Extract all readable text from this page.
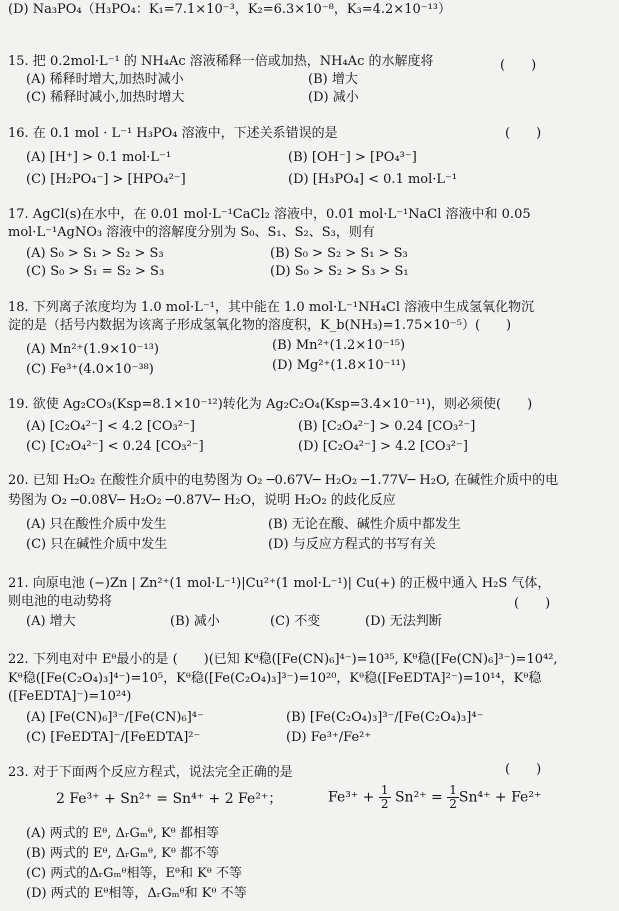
(D) Na₃PO₄（H₃PO₄：K₁=7.1×10⁻³，K₂=6.3×10⁻⁸，K₃=4.2×10⁻¹³）
15. 把 0.2mol·L⁻¹ 的 NH₄Ac 溶液稀释一倍或加热，NH₄Ac 的水解度将	(　　)
(A) 稀释时增大,加热时减小	(B) 增大
(C) 稀释时减小,加热时增大	(D) 减小
16. 在 0.1 mol · L⁻¹ H₃PO₄ 溶液中，下述关系错误的是	(　　)
(A) [H⁺] > 0.1 mol·L⁻¹	(B) [OH⁻] > [PO₄³⁻]
(C) [H₂PO₄⁻] > [HPO₄²⁻]	(D) [H₃PO₄] < 0.1 mol·L⁻¹
17. AgCl(s)在水中，在 0.01 mol·L⁻¹CaCl₂ 溶液中，0.01 mol·L⁻¹NaCl 溶液中和 0.05
mol·L⁻¹AgNO₃ 溶液中的溶解度分别为 S₀、S₁、S₂、S₃，则有
(A) S₀ > S₁ > S₂ > S₃	(B) S₀ > S₂ > S₁ > S₃
(C) S₀ > S₁ = S₂ > S₃	(D) S₀ > S₂ > S₃ > S₁
18. 下列离子浓度均为 1.0 mol·L⁻¹，其中能在 1.0 mol·L⁻¹NH₄Cl 溶液中生成氢氧化物沉
淀的是（括号内数据为该离子形成氢氧化物的溶度积，K_b(NH₃)=1.75×10⁻⁵）(　　)
(A) Mn²⁺(1.9×10⁻¹³)	(B) Mn²⁺(1.2×10⁻¹⁵)
(C) Fe³⁺(4.0×10⁻³⁸)	(D) Mg²⁺(1.8×10⁻¹¹)
19. 欲使 Ag₂CO₃(Ksp=8.1×10⁻¹²)转化为 Ag₂C₂O₄(Ksp=3.4×10⁻¹¹)，则必须使(　　)
(A) [C₂O₄²⁻] < 4.2 [CO₃²⁻]	(B) [C₂O₄²⁻] > 0.24 [CO₃²⁻]
(C) [C₂O₄²⁻] < 0.24 [CO₃²⁻]	(D) [C₂O₄²⁻] > 4.2 [CO₃²⁻]
20. 已知 H₂O₂ 在酸性介质中的电势图为 O₂ ─0.67V─ H₂O₂ ─1.77V─ H₂O, 在碱性介质中的电
势图为 O₂ ─0.08V─ H₂O₂ ─0.87V─ H₂O，说明 H₂O₂ 的歧化反应
(A) 只在酸性介质中发生	(B) 无论在酸、碱性介质中都发生
(C) 只在碱性介质中发生	(D) 与反应方程式的书写有关
21. 向原电池 (−)Zn | Zn²⁺(1 mol·L⁻¹)|Cu²⁺(1 mol·L⁻¹)| Cu(+) 的正极中通入 H₂S 气体，
则电池的电动势将	(　　)
(A) 增大	(B) 减小	(C) 不变	(D) 无法判断
22. 下列电对中 Eᶿ最小的是 (　　)(已知 Kᶿ稳([Fe(CN)₆]⁴⁻)=10³⁵, Kᶿ稳([Fe(CN)₆]³⁻)=10⁴²,
Kᶿ稳([Fe(C₂O₄)₃]⁴⁻)=10⁵，Kᶿ稳([Fe(C₂O₄)₃]³⁻)=10²⁰，Kᶿ稳([FeEDTA]²⁻)=10¹⁴，Kᶿ稳
([FeEDTA]⁻)=10²⁴)
(A) [Fe(CN)₆]³⁻/[Fe(CN)₆]⁴⁻	(B) [Fe(C₂O₄)₃]³⁻/[Fe(C₂O₄)₃]⁴⁻
(C) [FeEDTA]⁻/[FeEDTA]²⁻	(D) Fe³⁺/Fe²⁺
23. 对于下面两个反应方程式，说法完全正确的是	(　　)
2 Fe³⁺ + Sn²⁺ = Sn⁴⁺ + 2 Fe²⁺；	$Fe^{3+} + \frac{1}{2} Sn^{2+} = \frac{1}{2} Sn^{4+} + Fe^{2+}$
(A) 两式的 Eᶿ, ΔᵣGₘᶿ, Kᶿ 都相等
(B) 两式的 Eᶿ, ΔᵣGₘᶿ, Kᶿ 都不等
(C) 两式的ΔᵣGₘᶿ相等，Eᶿ和 Kᶿ 不等
(D) 两式的 Eᶿ相等，ΔᵣGₘᶿ和 Kᶿ 不等
